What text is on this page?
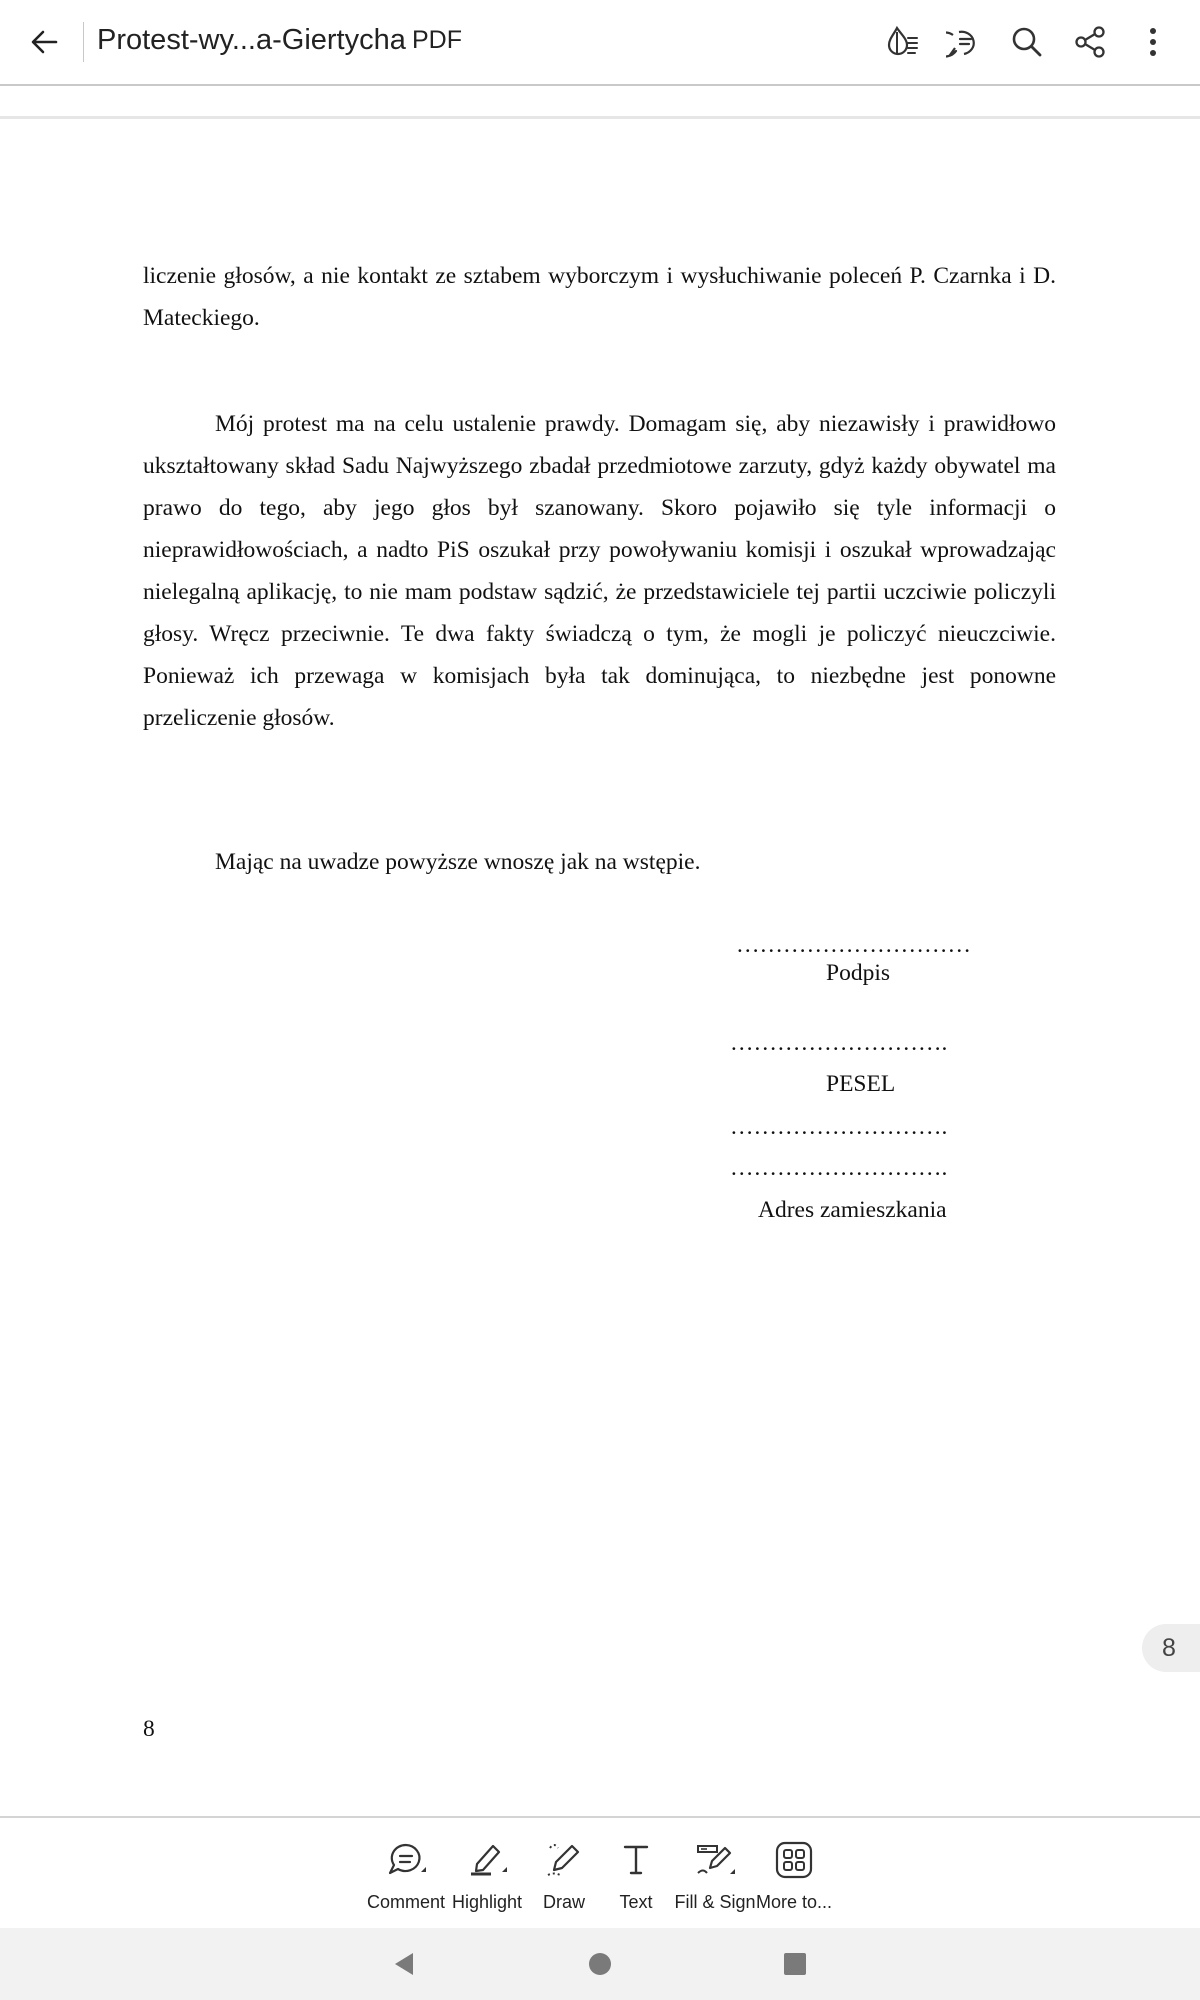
Protest-wy...a-Giertycha PDF
liczenie głosów, a nie kontakt ze sztabem wyborczym i wysłuchiwanie poleceń P. Czarnka i D. Mateckiego.
Mój protest ma na celu ustalenie prawdy. Domagam się, aby niezawisły i prawidłowo ukształtowany skład Sadu Najwyższego zbadał przedmiotowe zarzuty, gdyż każdy obywatel ma prawo do tego, aby jego głos był szanowany. Skoro pojawiło się tyle informacji o nieprawidłowościach, a nadto PiS oszukał przy powoływaniu komisji i oszukał wprowadzając nielegalną aplikację, to nie mam podstaw sądzić, że przedstawiciele tej partii uczciwie policzyli głosy. Wręcz przeciwnie. Te dwa fakty świadczą o tym, że mogli je policzyć nieuczciwie. Ponieważ ich przewaga w komisjach była tak dominująca, to niezbędne jest ponowne przeliczenie głosów.
Mając na uwadze powyższe wnoszę jak na wstępie.
…………………………
Podpis
……………………….
PESEL
……………………….
……………………….
Adres zamieszkania
8
8
Comment Highlight	Draw	Text	Fill & Sign More to...
